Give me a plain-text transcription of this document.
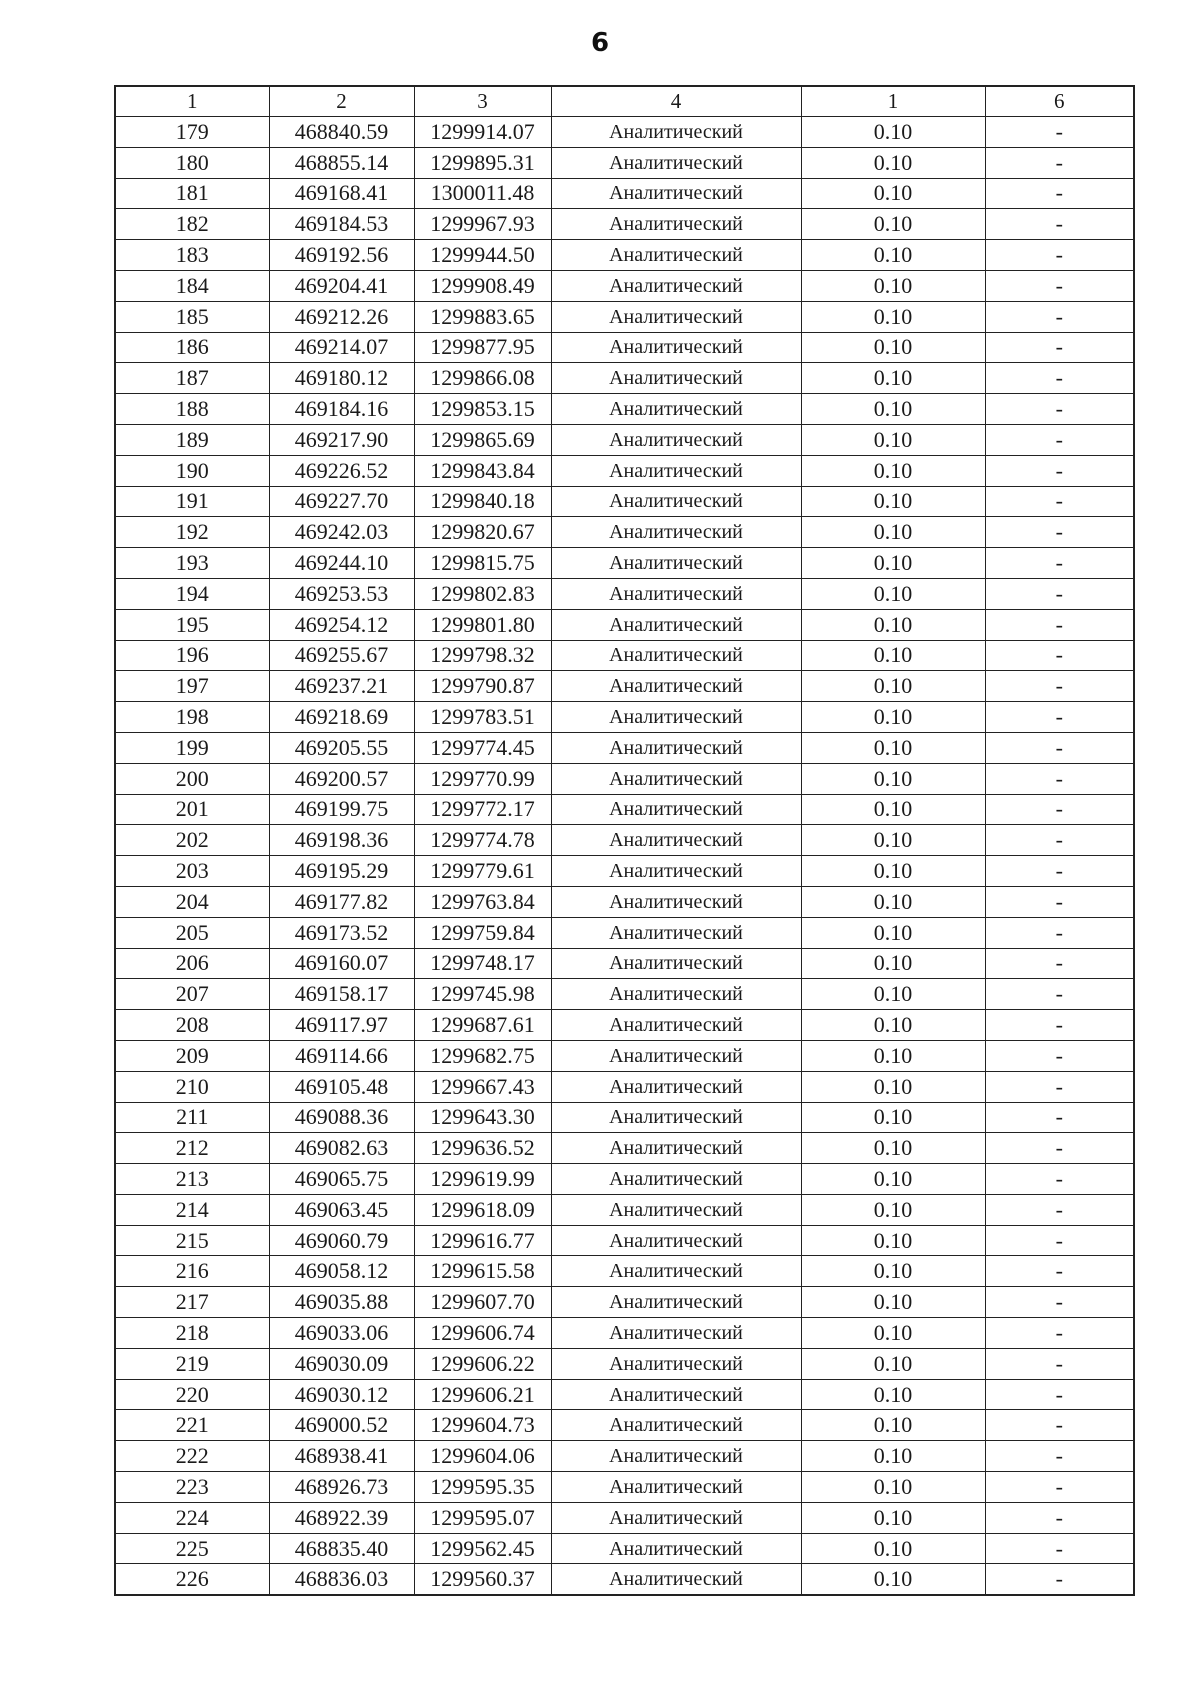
6
1	2	3	4	1	6
179	468840.59	1299914.07	Аналитический	0.10	-
180	468855.14	1299895.31	Аналитический	0.10	-
181	469168.41	1300011.48	Аналитический	0.10	-
182	469184.53	1299967.93	Аналитический	0.10	-
183	469192.56	1299944.50	Аналитический	0.10	-
184	469204.41	1299908.49	Аналитический	0.10	-
185	469212.26	1299883.65	Аналитический	0.10	-
186	469214.07	1299877.95	Аналитический	0.10	-
187	469180.12	1299866.08	Аналитический	0.10	-
188	469184.16	1299853.15	Аналитический	0.10	-
189	469217.90	1299865.69	Аналитический	0.10	-
190	469226.52	1299843.84	Аналитический	0.10	-
191	469227.70	1299840.18	Аналитический	0.10	-
192	469242.03	1299820.67	Аналитический	0.10	-
193	469244.10	1299815.75	Аналитический	0.10	-
194	469253.53	1299802.83	Аналитический	0.10	-
195	469254.12	1299801.80	Аналитический	0.10	-
196	469255.67	1299798.32	Аналитический	0.10	-
197	469237.21	1299790.87	Аналитический	0.10	-
198	469218.69	1299783.51	Аналитический	0.10	-
199	469205.55	1299774.45	Аналитический	0.10	-
200	469200.57	1299770.99	Аналитический	0.10	-
201	469199.75	1299772.17	Аналитический	0.10	-
202	469198.36	1299774.78	Аналитический	0.10	-
203	469195.29	1299779.61	Аналитический	0.10	-
204	469177.82	1299763.84	Аналитический	0.10	-
205	469173.52	1299759.84	Аналитический	0.10	-
206	469160.07	1299748.17	Аналитический	0.10	-
207	469158.17	1299745.98	Аналитический	0.10	-
208	469117.97	1299687.61	Аналитический	0.10	-
209	469114.66	1299682.75	Аналитический	0.10	-
210	469105.48	1299667.43	Аналитический	0.10	-
211	469088.36	1299643.30	Аналитический	0.10	-
212	469082.63	1299636.52	Аналитический	0.10	-
213	469065.75	1299619.99	Аналитический	0.10	-
214	469063.45	1299618.09	Аналитический	0.10	-
215	469060.79	1299616.77	Аналитический	0.10	-
216	469058.12	1299615.58	Аналитический	0.10	-
217	469035.88	1299607.70	Аналитический	0.10	-
218	469033.06	1299606.74	Аналитический	0.10	-
219	469030.09	1299606.22	Аналитический	0.10	-
220	469030.12	1299606.21	Аналитический	0.10	-
221	469000.52	1299604.73	Аналитический	0.10	-
222	468938.41	1299604.06	Аналитический	0.10	-
223	468926.73	1299595.35	Аналитический	0.10	-
224	468922.39	1299595.07	Аналитический	0.10	-
225	468835.40	1299562.45	Аналитический	0.10	-
226	468836.03	1299560.37	Аналитический	0.10	-
